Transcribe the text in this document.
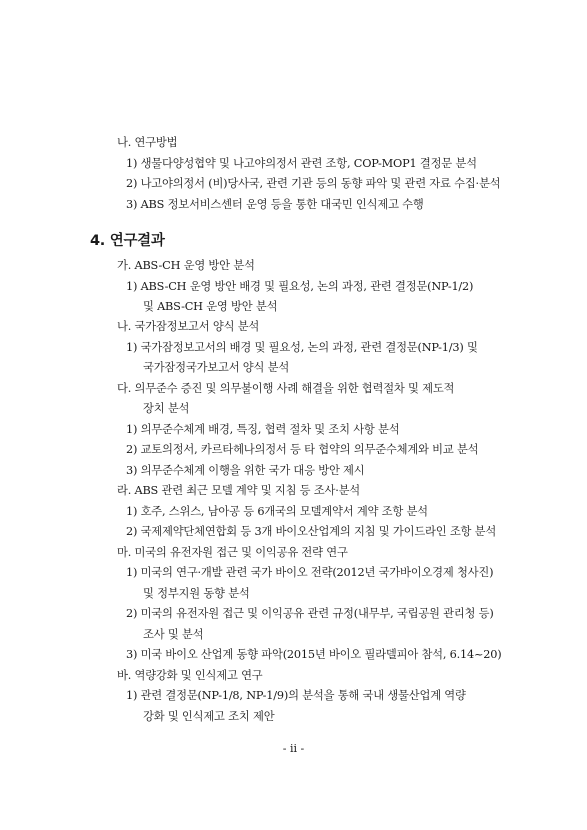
나. 연구방법
1) 생물다양성협약 및 나고야의정서 관련 조항, COP-MOP1 결정문 분석
2) 나고야의정서 (비)당사국, 관련 기관 등의 동향 파악 및 관련 자료 수집·분석
3) ABS 정보서비스센터 운영 등을 통한 대국민 인식제고 수행
4. 연구결과
가. ABS-CH 운영 방안 분석
1) ABS-CH 운영 방안 배경 및 필요성, 논의 과정, 관련 결정문(NP-1/2)
및 ABS-CH 운영 방안 분석
나. 국가잠정보고서 양식 분석
1) 국가잠정보고서의 배경 및 필요성, 논의 과정, 관련 결정문(NP-1/3) 및
국가잠정국가보고서 양식 분석
다. 의무준수 증진 및 의무불이행 사례 해결을 위한 협력절차 및 제도적
장치 분석
1) 의무준수체계 배경, 특징, 협력 절차 및 조치 사항 분석
2) 교토의정서, 카르타헤나의정서 등 타 협약의 의무준수체계와 비교 분석
3) 의무준수체계 이행을 위한 국가 대응 방안 제시
라. ABS 관련 최근 모델 계약 및 지침 등 조사·분석
1) 호주, 스위스, 남아공 등 6개국의 모델계약서 계약 조항 분석
2) 국제제약단체연합회 등 3개 바이오산업계의 지침 및 가이드라인 조항 분석
마. 미국의 유전자원 접근 및 이익공유 전략 연구
1) 미국의 연구·개발 관련 국가 바이오 전략(2012년 국가바이오경제 청사진)
및 정부지원 동향 분석
2) 미국의 유전자원 접근 및 이익공유 관련 규정(내무부, 국립공원 관리청 등)
조사 및 분석
3) 미국 바이오 산업계 동향 파악(2015년 바이오 필라델피아 참석, 6.14~20)
바. 역량강화 및 인식제고 연구
1) 관련 결정문(NP-1/8, NP-1/9)의 분석을 통해 국내 생물산업계 역량
강화 및 인식제고 조치 제안
- ii -
